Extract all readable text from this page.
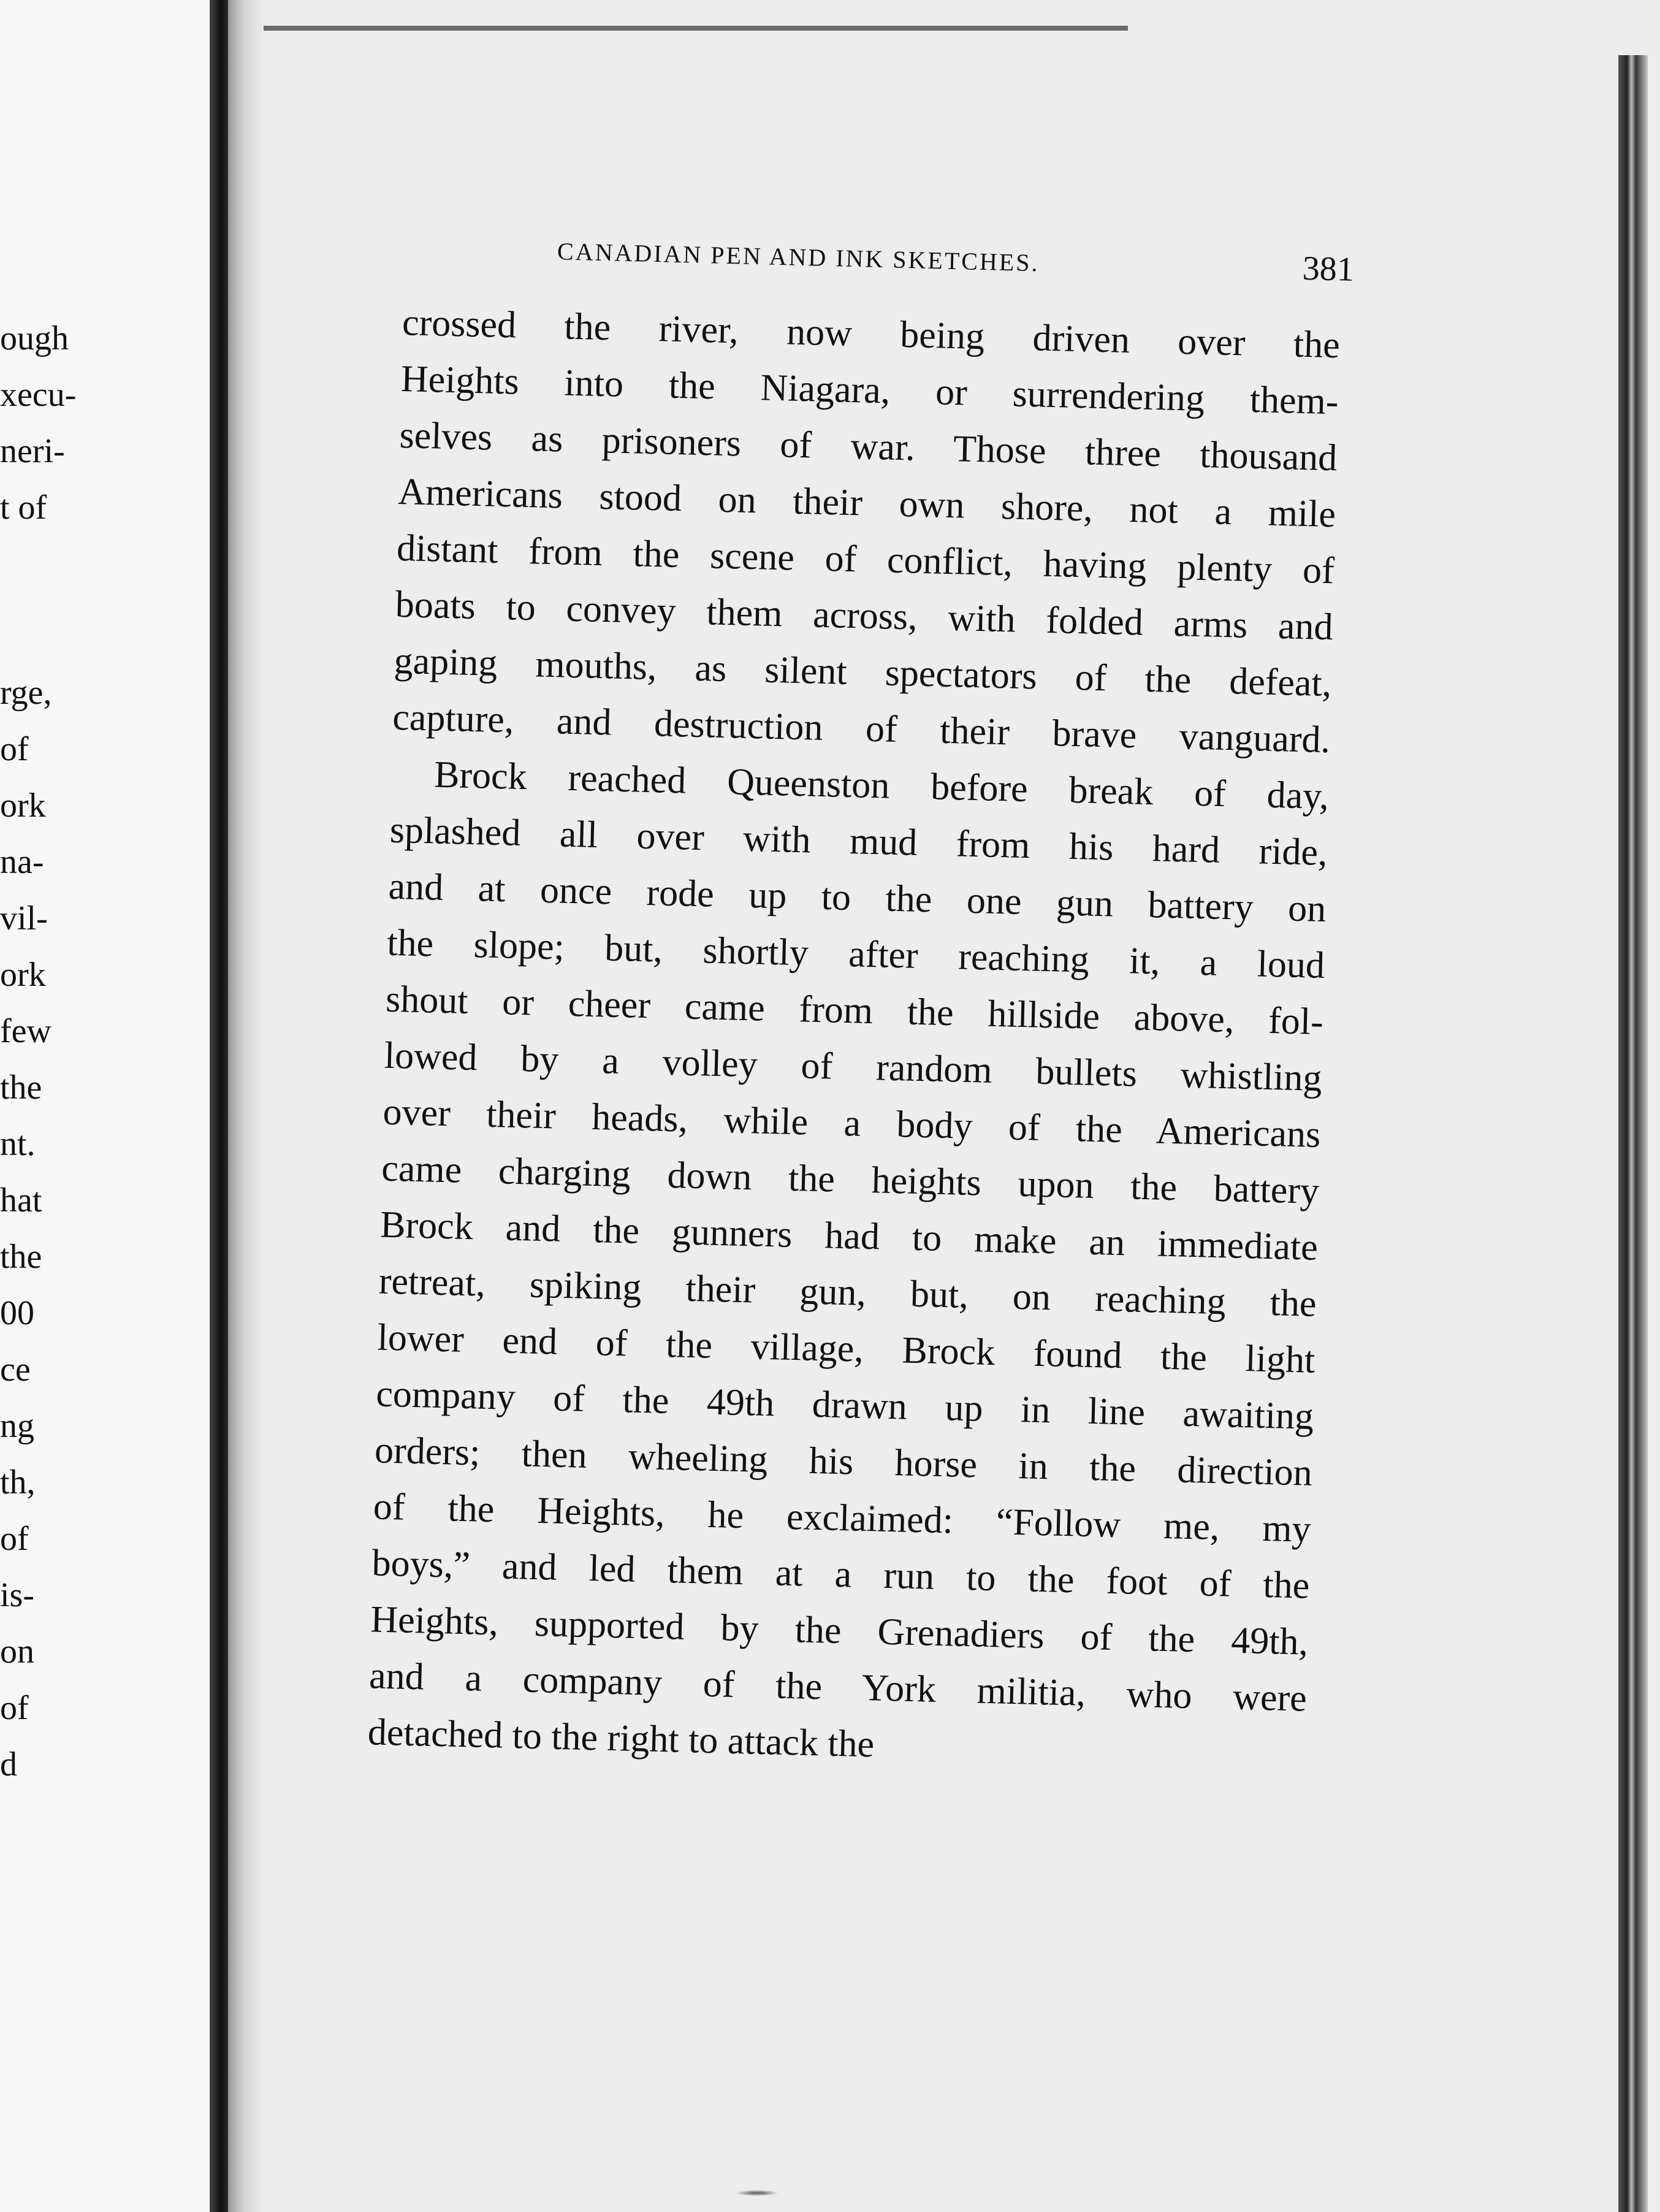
ough
xecu-
neri-
t of
rge,
of
ork
na-
vil-
ork
few
the
nt.
hat
the
00
ce
ng
th,
of
is-
on
of
d
CANADIAN PEN AND INK SKETCHES.	381
crossed the river, now being driven over the
Heights into the Niagara, or surrendering them-
selves as prisoners of war. Those three thousand
Americans stood on their own shore, not a mile
distant from the scene of conflict, having plenty of
boats to convey them across, with folded arms and
gaping mouths, as silent spectators of the defeat,
capture, and destruction of their brave vanguard.
Brock reached Queenston before break of day,
splashed all over with mud from his hard ride,
and at once rode up to the one gun battery on
the slope; but, shortly after reaching it, a loud
shout or cheer came from the hillside above, fol-
lowed by a volley of random bullets whistling
over their heads, while a body of the Americans
came charging down the heights upon the battery
Brock and the gunners had to make an immediate
retreat, spiking their gun, but, on reaching the
lower end of the village, Brock found the light
company of the 49th drawn up in line awaiting
orders; then wheeling his horse in the direction
of the Heights, he exclaimed: “Follow me, my
boys,” and led them at a run to the foot of the
Heights, supported by the Grenadiers of the 49th,
and a company of the York militia, who were
detached to the right to attack the
